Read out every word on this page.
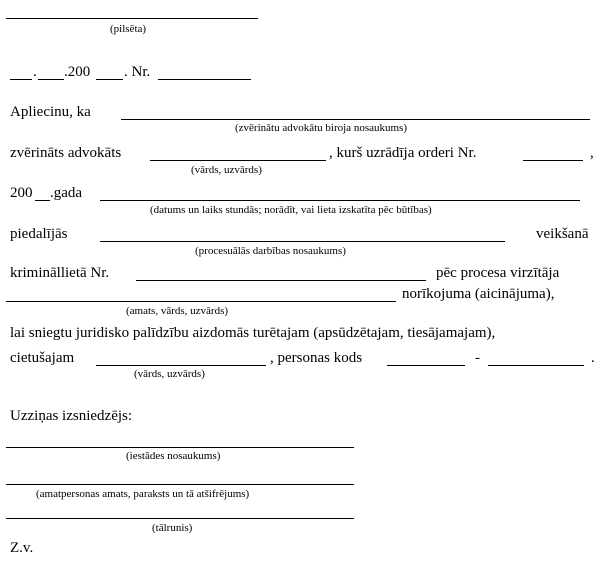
(pilsēta)
. .200 . Nr.
Apliecinu, ka
(zvērinātu advokātu biroja nosaukums)
zvērināts advokāts	, kurš uzrādīja orderi Nr.	,
(vārds, uzvārds)
200 .gada
(datums un laiks stundās; norādīt, vai lieta izskatīta pēc būtības)
piedalījās	veikšanā
(procesuālās darbības nosaukums)
krimināllietā Nr.	pēc procesa virzītāja
norīkojuma (aicinājuma),
(amats, vārds, uzvārds)
lai sniegtu juridisko palīdzību aizdomās turētajam (apsūdzētajam, tiesājamajam),
cietušajam	, personas kods	-	.
(vārds, uzvārds)
Uzziņas izsniedzējs:
(iestādes nosaukums)
(amatpersonas amats, paraksts un tā atšifrējums)
(tālrunis)
Z.v.
